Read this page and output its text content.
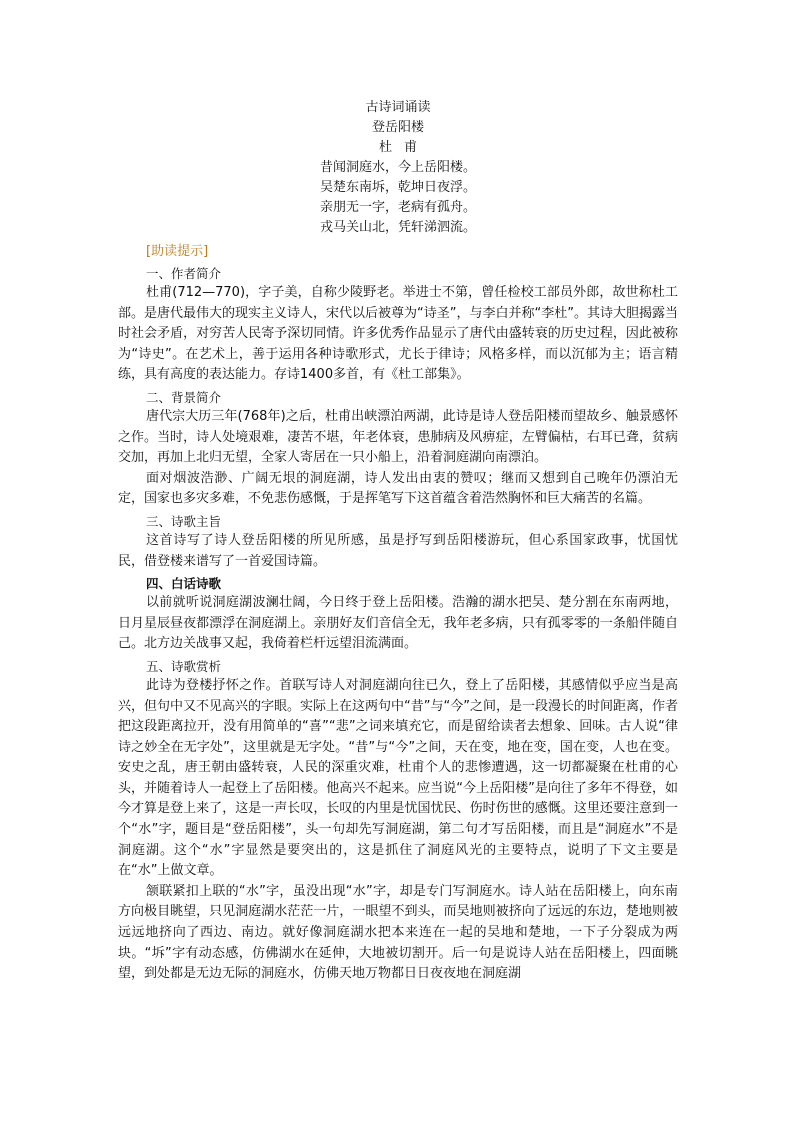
古诗词诵读
登岳阳楼
杜甫
昔闻洞庭水，今上岳阳楼。
吴楚东南坼，乾坤日夜浮。
亲朋无一字，老病有孤舟。
戎马关山北，凭轩涕泗流。
[助读提示]
一、作者简介

杜甫(712—770)，字子美，自称少陵野老。举进士不第，曾任检校工部员外郎，故世称杜工部。是唐代最伟大的现实主义诗人，宋代以后被尊为“诗圣”，与李白并称“李杜”。其诗大胆揭露当时社会矛盾，对穷苦人民寄予深切同情。许多优秀作品显示了唐代由盛转衰的历史过程，因此被称为“诗史”。在艺术上，善于运用各种诗歌形式，尤长于律诗；风格多样，而以沉郁为主；语言精练，具有高度的表达能力。存诗1400多首，有《杜工部集》。

二、背景简介

唐代宗大历三年(768年)之后，杜甫出峡漂泊两湖，此诗是诗人登岳阳楼而望故乡、触景感怀之作。当时，诗人处境艰难，凄苦不堪，年老体衰，患肺病及风痹症，左臂偏枯，右耳已聋，贫病交加，再加上北归无望，全家人寄居在一只小船上，沿着洞庭湖向南漂泊。

面对烟波浩渺、广阔无垠的洞庭湖，诗人发出由衷的赞叹；继而又想到自己晚年仍漂泊无定，国家也多灾多难，不免悲伤感慨，于是挥笔写下这首蕴含着浩然胸怀和巨大痛苦的名篇。

三、诗歌主旨

这首诗写了诗人登岳阳楼的所见所感，虽是抒写到岳阳楼游玩，但心系国家政事，忧国忧民，借登楼来谱写了一首爱国诗篇。

四、白话诗歌

以前就听说洞庭湖波澜壮阔，今日终于登上岳阳楼。浩瀚的湖水把吴、楚分割在东南两地，日月星辰昼夜都漂浮在洞庭湖上。亲朋好友们音信全无，我年老多病，只有孤零零的一条船伴随自己。北方边关战事又起，我倚着栏杆远望泪流满面。

五、诗歌赏析

此诗为登楼抒怀之作。首联写诗人对洞庭湖向往已久，登上了岳阳楼，其感情似乎应当是高兴，但句中又不见高兴的字眼。实际上在这两句中“昔”与“今”之间，是一段漫长的时间距离，作者把这段距离拉开，没有用简单的“喜”“悲”之词来填充它，而是留给读者去想象、回味。古人说“律诗之妙全在无字处”，这里就是无字处。“昔”与“今”之间，天在变，地在变，国在变，人也在变。安史之乱，唐王朝由盛转衰，人民的深重灾难，杜甫个人的悲惨遭遇，这一切都凝聚在杜甫的心头，并随着诗人一起登上了岳阳楼。他高兴不起来。应当说“今上岳阳楼”是向往了多年不得登，如今才算是登上来了，这是一声长叹，长叹的内里是忧国忧民、伤时伤世的感慨。这里还要注意到一个“水”字，题目是“登岳阳楼”，头一句却先写洞庭湖，第二句才写岳阳楼，而且是“洞庭水”不是洞庭湖。这个“水”字显然是要突出的，这是抓住了洞庭风光的主要特点，说明了下文主要是在“水”上做文章。

颔联紧扣上联的“水”字，虽没出现“水”字，却是专门写洞庭水。诗人站在岳阳楼上，向东南方向极目眺望，只见洞庭湖水茫茫一片，一眼望不到头，而吴地则被挤向了远远的东边，楚地则被远远地挤向了西边、南边。就好像洞庭湖水把本来连在一起的吴地和楚地，一下子分裂成为两块。“坼”字有动态感，仿佛湖水在延伸，大地被切割开。后一句是说诗人站在岳阳楼上，四面眺望，到处都是无边无际的洞庭水，仿佛天地万物都日日夜夜地在洞庭湖
